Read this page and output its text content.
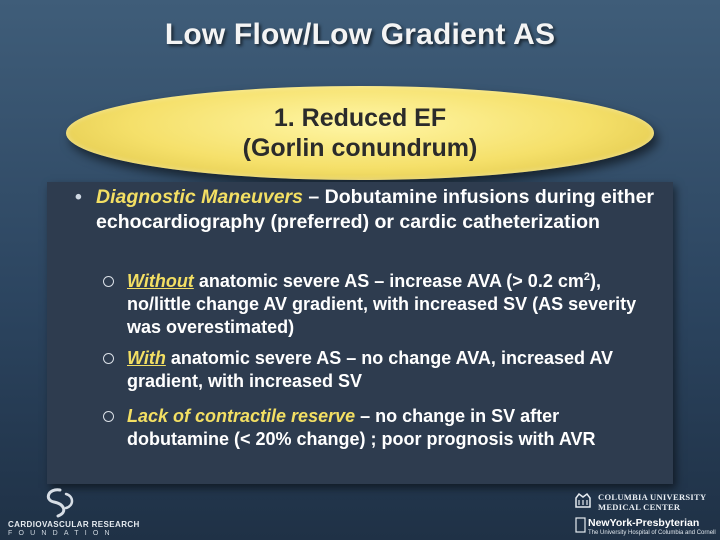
Low Flow/Low Gradient AS
1. Reduced EF
(Gorlin conundrum)
• Diagnostic Maneuvers – Dobutamine infusions during either echocardiography (preferred) or cardic catheterization
Without anatomic severe AS – increase AVA (> 0.2 $cm^2$), no/little change AV gradient, with increased SV (AS severity was overestimated)
With anatomic severe AS – no change AVA, increased AV gradient, with increased SV
Lack of contractile reserve – no change in SV after dobutamine (< 20% change) ; poor prognosis with AVR
CARDIOVASCULAR RESEARCH
FOUNDATION
COLUMBIA UNIVERSITY
MEDICAL CENTER
NewYork-Presbyterian
The University Hospital of Columbia and Cornell
